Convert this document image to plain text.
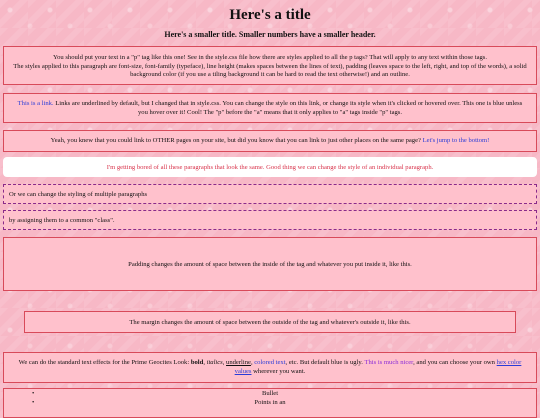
Here's a title
Here's a smaller title. Smaller numbers have a smaller header.
You should put your text in a "p" tag like this one! See in the style.css file how there are styles applied to all the p tags? That will apply to any text within those tags.
The styles applied to this paragraph are font-size, font-family (typeface), line height (makes spaces between the lines of text), padding (leaves space to the left, right, and top of the words), a solid background color (if you use a tiling background it can be hard to read the text otherwise!) and an outline.
This is a link. Links are underlined by default, but I changed that in style.css. You can change the style on this link, or change its style when it's clicked or hovered over. This one is blue unless you hover over it! Cool! The "p" before the "a" means that it only applies to "a" tags inside "p" tags.
Yeah, you knew that you could link to OTHER pages on your site, but did you know that you can link to just other places on the same page? Let's jump to the bottom!
I'm getting bored of all these paragraphs that look the same. Good thing we can change the style of an individual paragraph.
Or we can change the styling of multiple paragraphs
by assigning them to a common "class".
Padding changes the amount of space between the inside of the tag and whatever you put inside it, like this.
The margin changes the amount of space between the outside of the tag and whatever's outside it, like this.
We can do the standard text effects for the Prime Geocites Look: bold, italics, underline, colored text, etc. But default blue is ugly. This is much nicer, and you can choose your own hex color values wherever you want.
• Bullet
• Points in an
